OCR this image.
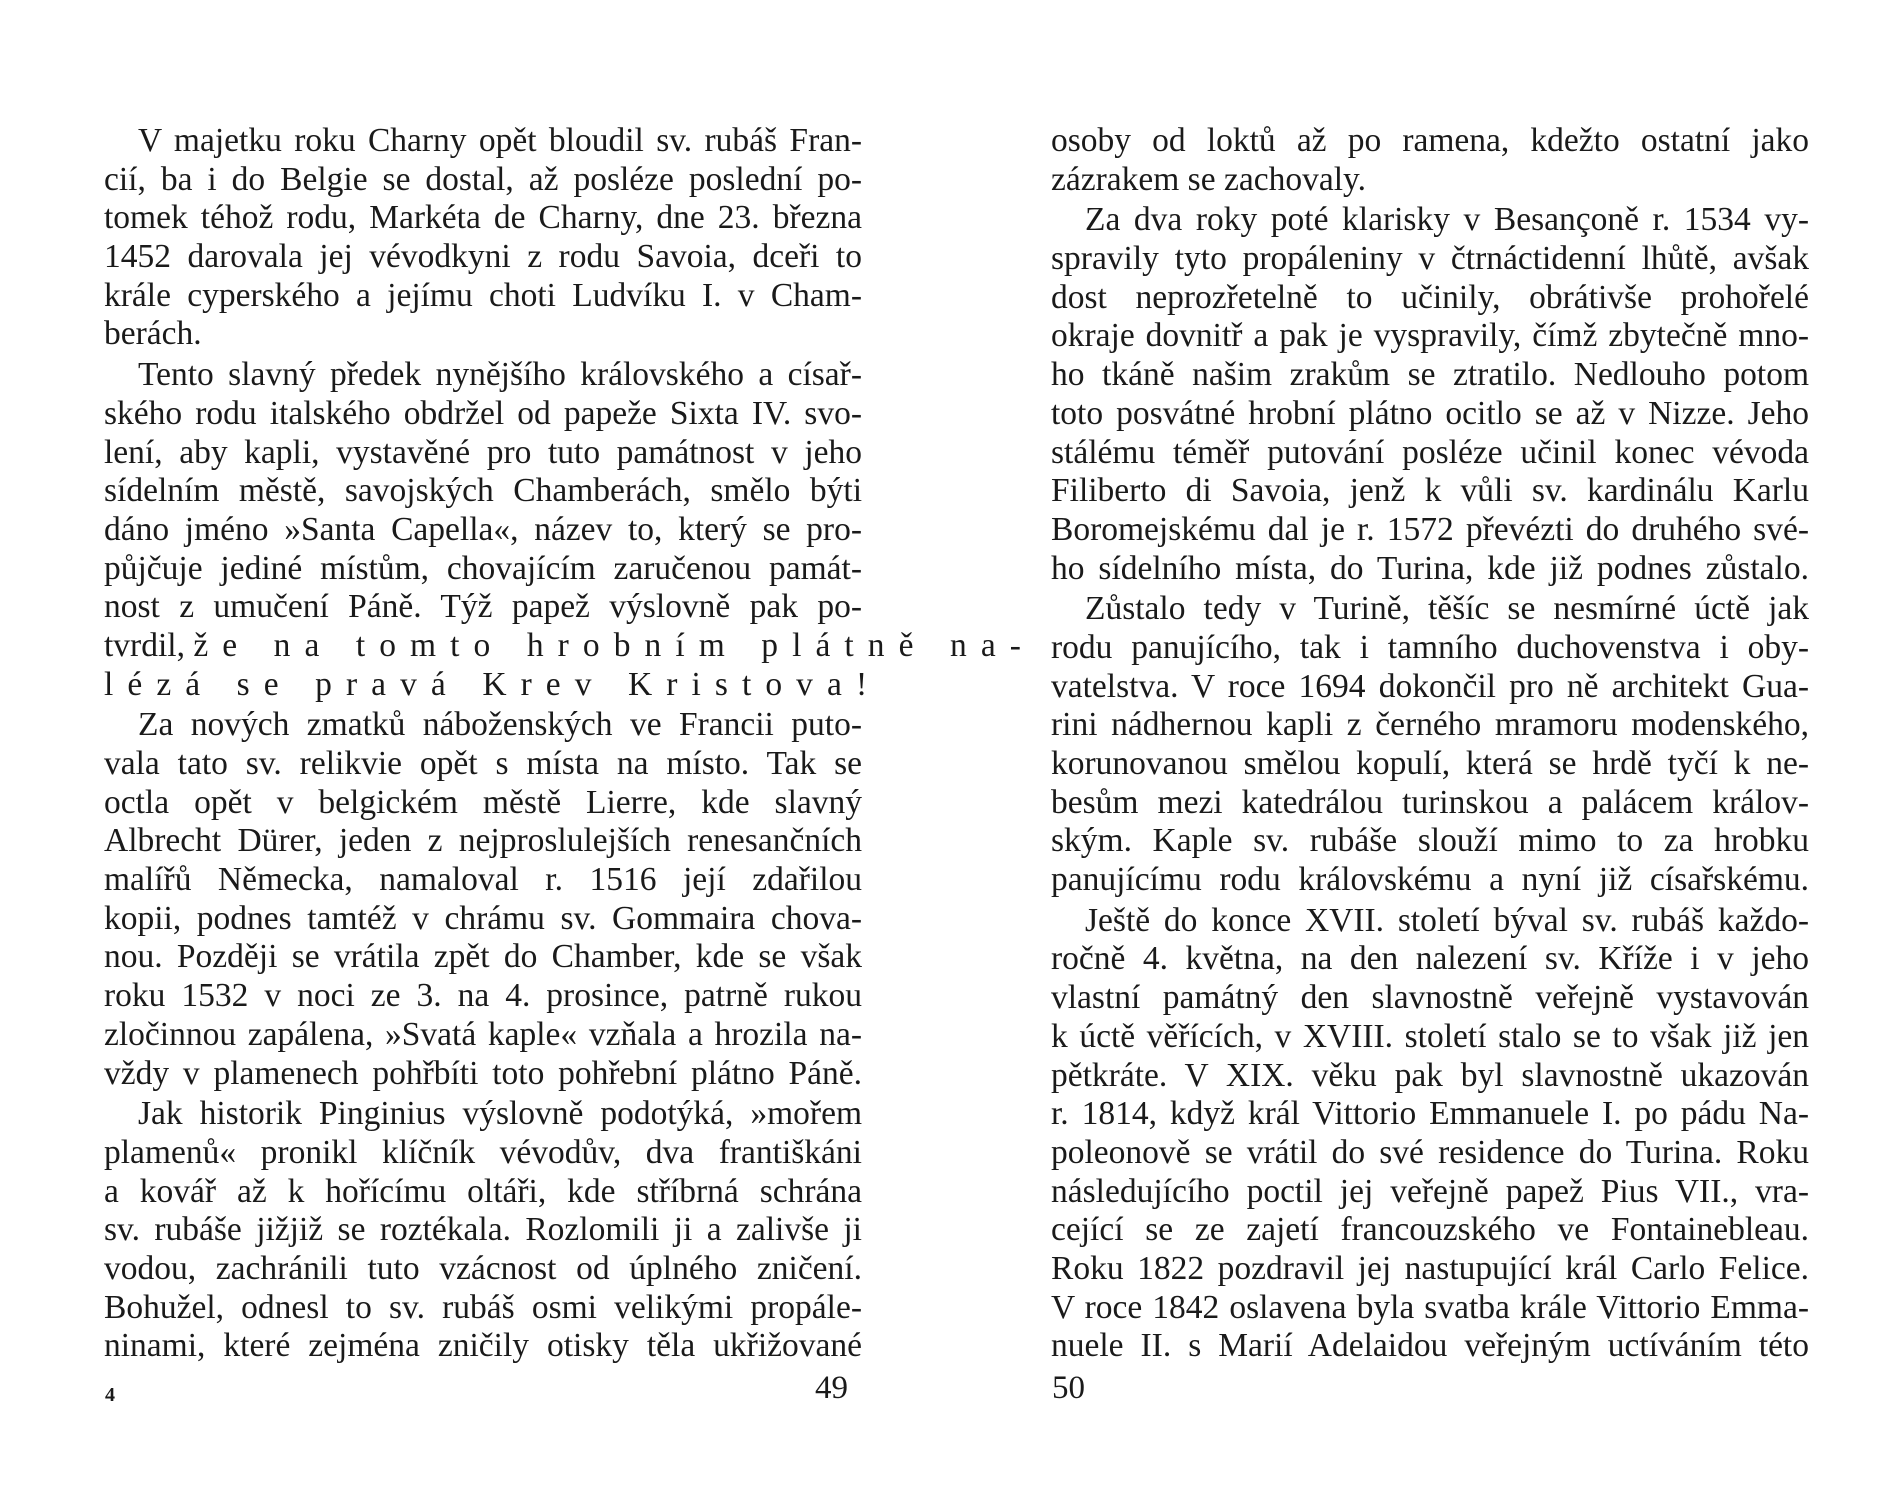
V majetku roku Charny opět bloudil sv. rubáš Fran-
cií, ba i do Belgie se dostal, až posléze poslední po-
tomek téhož rodu, Markéta de Charny, dne 23. března
1452 darovala jej vévodkyni z rodu Savoia, dceři to
krále cyperského a jejímu choti Ludvíku I. v Cham-
berách.
Tento slavný předek nynějšího královského a císař-
ského rodu italského obdržel od papeže Sixta IV. svo-
lení, aby kapli, vystavěné pro tuto památnost v jeho
sídelním městě, savojských Chamberách, smělo býti
dáno jméno »Santa Capella«, název to, který se pro-
půjčuje jediné místům, chovajícím zaručenou památ-
nost z umučení Páně. Týž papež výslovně pak po-
tvrdil, že na tomto hrobním plátně na-
lézá se pravá Krev Kristova!
Za nových zmatků náboženských ve Francii puto-
vala tato sv. relikvie opět s místa na místo. Tak se
octla opět v belgickém městě Lierre, kde slavný
Albrecht Dürer, jeden z nejproslulejších renesančních
malířů Německa, namaloval r. 1516 její zdařilou
kopii, podnes tamtéž v chrámu sv. Gommaira chova-
nou. Později se vrátila zpět do Chamber, kde se však
roku 1532 v noci ze 3. na 4. prosince, patrně rukou
zločinnou zapálena, »Svatá kaple« vzňala a hrozila na-
vždy v plamenech pohřbíti toto pohřební plátno Páně.
Jak historik Pinginius výslovně podotýká, »mořem
plamenů« pronikl klíčník vévodův, dva františkáni
a kovář až k hořícímu oltáři, kde stříbrná schrána
sv. rubáše jižjiž se roztékala. Rozlomili ji a zalivše ji
vodou, zachránili tuto vzácnost od úplného zničení.
Bohužel, odnesl to sv. rubáš osmi velikými propále-
ninami, které zejména zničily otisky těla ukřižované
4	49
osoby od loktů až po ramena, kdežto ostatní jako
zázrakem se zachovaly.
Za dva roky poté klarisky v Besançoně r. 1534 vy-
spravily tyto propáleniny v čtrnáctidenní lhůtě, avšak
dost neprozřetelně to učinily, obrátivše prohořelé
okraje dovnitř a pak je vyspravily, čímž zbytečně mno-
ho tkáně našim zrakům se ztratilo. Nedlouho potom
toto posvátné hrobní plátno ocitlo se až v Nizze. Jeho
stálému téměř putování posléze učinil konec vévoda
Filiberto di Savoia, jenž k vůli sv. kardinálu Karlu
Boromejskému dal je r. 1572 převézti do druhého své-
ho sídelního místa, do Turina, kde již podnes zůstalo.
Zůstalo tedy v Turině, těšíc se nesmírné úctě jak
rodu panujícího, tak i tamního duchovenstva i oby-
vatelstva. V roce 1694 dokončil pro ně architekt Gua-
rini nádhernou kapli z černého mramoru modenského,
korunovanou smělou kopulí, která se hrdě tyčí k ne-
besům mezi katedrálou turinskou a palácem králov-
ským. Kaple sv. rubáše slouží mimo to za hrobku
panujícímu rodu královskému a nyní již císařskému.
Ještě do konce XVII. století býval sv. rubáš každo-
ročně 4. května, na den nalezení sv. Kříže i v jeho
vlastní památný den slavnostně veřejně vystavován
k úctě věřících, v XVIII. století stalo se to však již jen
pětkráte. V XIX. věku pak byl slavnostně ukazován
r. 1814, když král Vittorio Emmanuele I. po pádu Na-
poleonově se vrátil do své residence do Turina. Roku
následujícího poctil jej veřejně papež Pius VII., vra-
cející se ze zajetí francouzského ve Fontainebleau.
Roku 1822 pozdravil jej nastupující král Carlo Felice.
V roce 1842 oslavena byla svatba krále Vittorio Emma-
nuele II. s Marií Adelaidou veřejným uctíváním této
50
